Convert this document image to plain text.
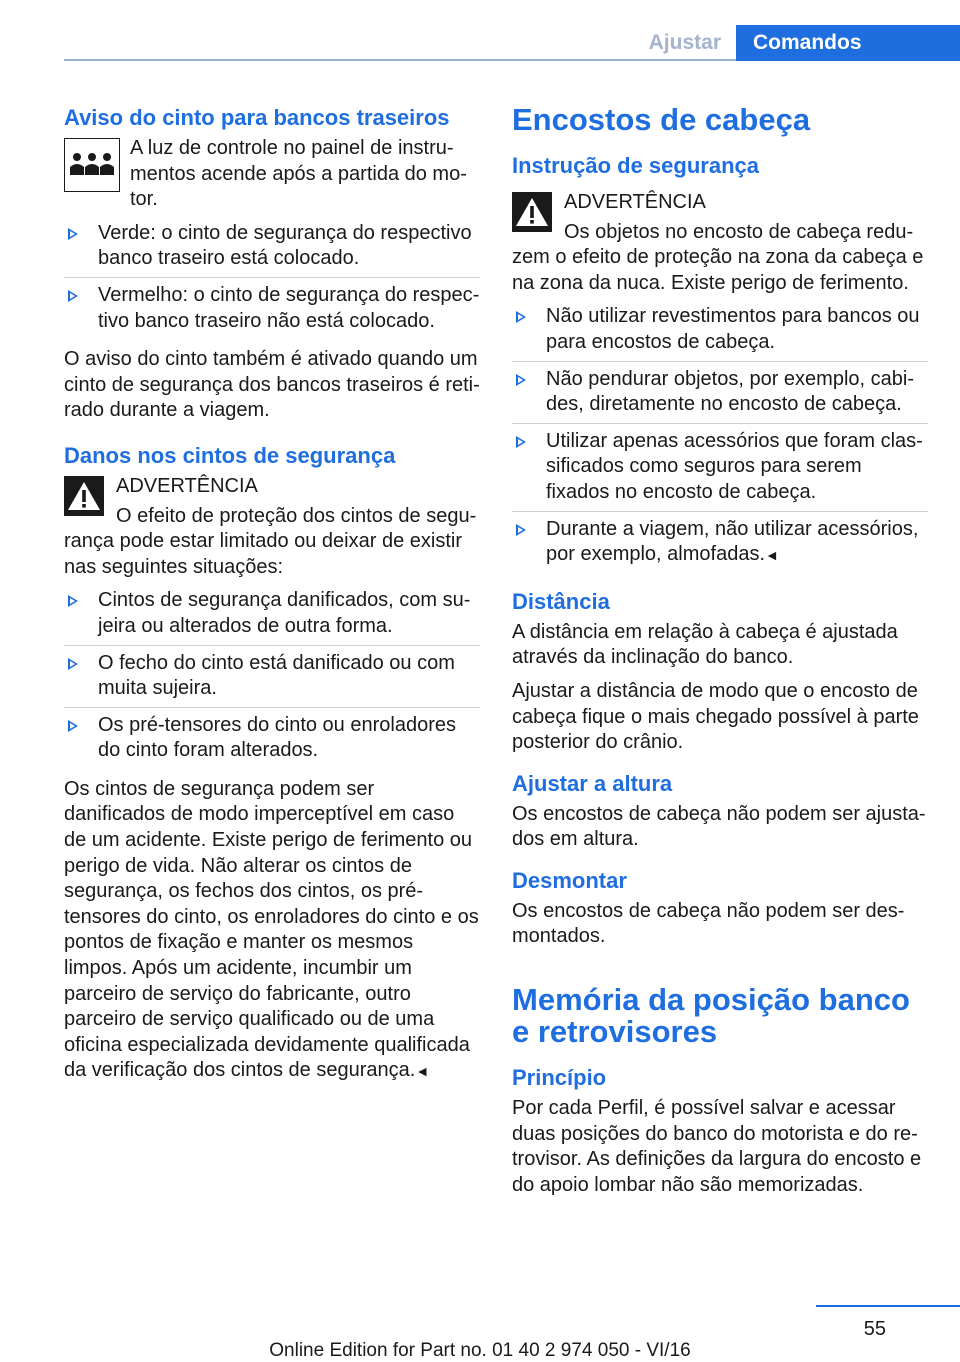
Ajustar	Comandos
Aviso do cinto para bancos traseiros

A luz de controle no painel de instrumentos acende após a partida do motor.

Verde: o cinto de segurança do respectivo banco traseiro está colocado.
Vermelho: o cinto de segurança do respectivo banco traseiro não está colocado.

O aviso do cinto também é ativado quando um cinto de segurança dos bancos traseiros é retirado durante a viagem.

Danos nos cintos de segurança
ADVERTÊNCIA

O efeito de proteção dos cintos de segurança pode estar limitado ou deixar de existir nas seguintes situações:

Cintos de segurança danificados, com sujeira ou alterados de outra forma.
O fecho do cinto está danificado ou com muita sujeira.
Os pré-tensores do cinto ou enroladores do cinto foram alterados.

Os cintos de segurança podem ser danificados de modo imperceptível em caso de um acidente. Existe perigo de ferimento ou perigo de vida. Não alterar os cintos de segurança, os fechos dos cintos, os pré-tensores do cinto, os enroladores do cinto e os pontos de fixação e manter os mesmos limpos. Após um acidente, incumbir um parceiro de serviço do fabricante, outro parceiro de serviço qualificado ou de uma oficina especializada devidamente qualificada da verificação dos cintos de segurança.◄

Encostos de cabeça
Instrução de segurança
ADVERTÊNCIA

Os objetos no encosto de cabeça reduzem o efeito de proteção na zona da cabeça e na zona da nuca. Existe perigo de ferimento.

Não utilizar revestimentos para bancos ou para encostos de cabeça.
Não pendurar objetos, por exemplo, cabides, diretamente no encosto de cabeça.
Utilizar apenas acessórios que foram classificados como seguros para serem fixados no encosto de cabeça.
Durante a viagem, não utilizar acessórios, por exemplo, almofadas.◄
Distância

A distância em relação à cabeça é ajustada através da inclinação do banco.

Ajustar a distância de modo que o encosto de cabeça fique o mais chegado possível à parte posterior do crânio.

Ajustar a altura

Os encostos de cabeça não podem ser ajustados em altura.

Desmontar

Os encostos de cabeça não podem ser desmontados.

Memória da posição banco e retrovisores
Princípio

Por cada Perfil, é possível salvar e acessar duas posições do banco do motorista e do retrovisor. As definições da largura do encosto e do apoio lombar não são memorizadas.

55
Online Edition for Part no. 01 40 2 974 050 - VI/16
